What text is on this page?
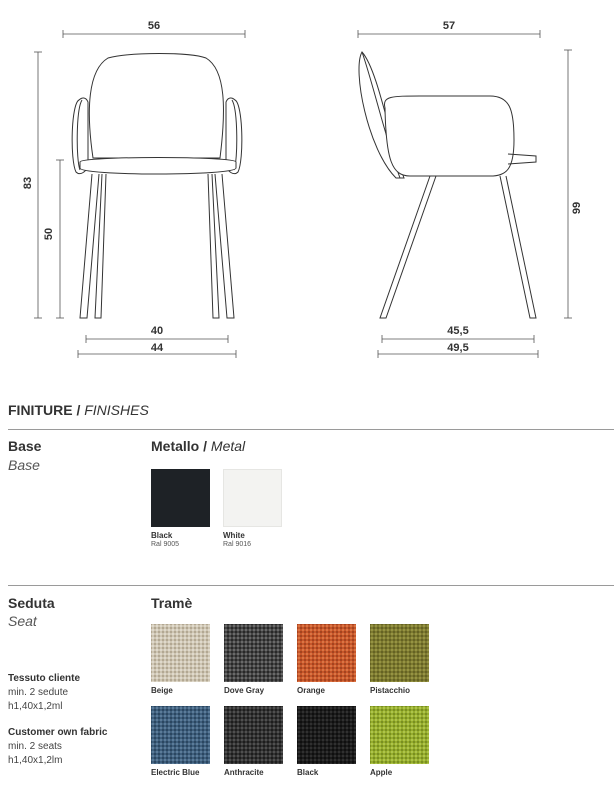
56	57
83
50
99
40
44
45,5
49,5
FINITURE / FINISHES
Base
Base
Metallo / Metal
Black
Ral 9005
White
Ral 9016
Seduta
Seat
Tramè
Beige	Dove Gray	Orange	Pistacchio
Electric Blue	Anthracite	Black	Apple
Tessuto cliente
min. 2 sedute
h1,40x1,2ml
Customer own fabric
min. 2 seats
h1,40x1,2lm
